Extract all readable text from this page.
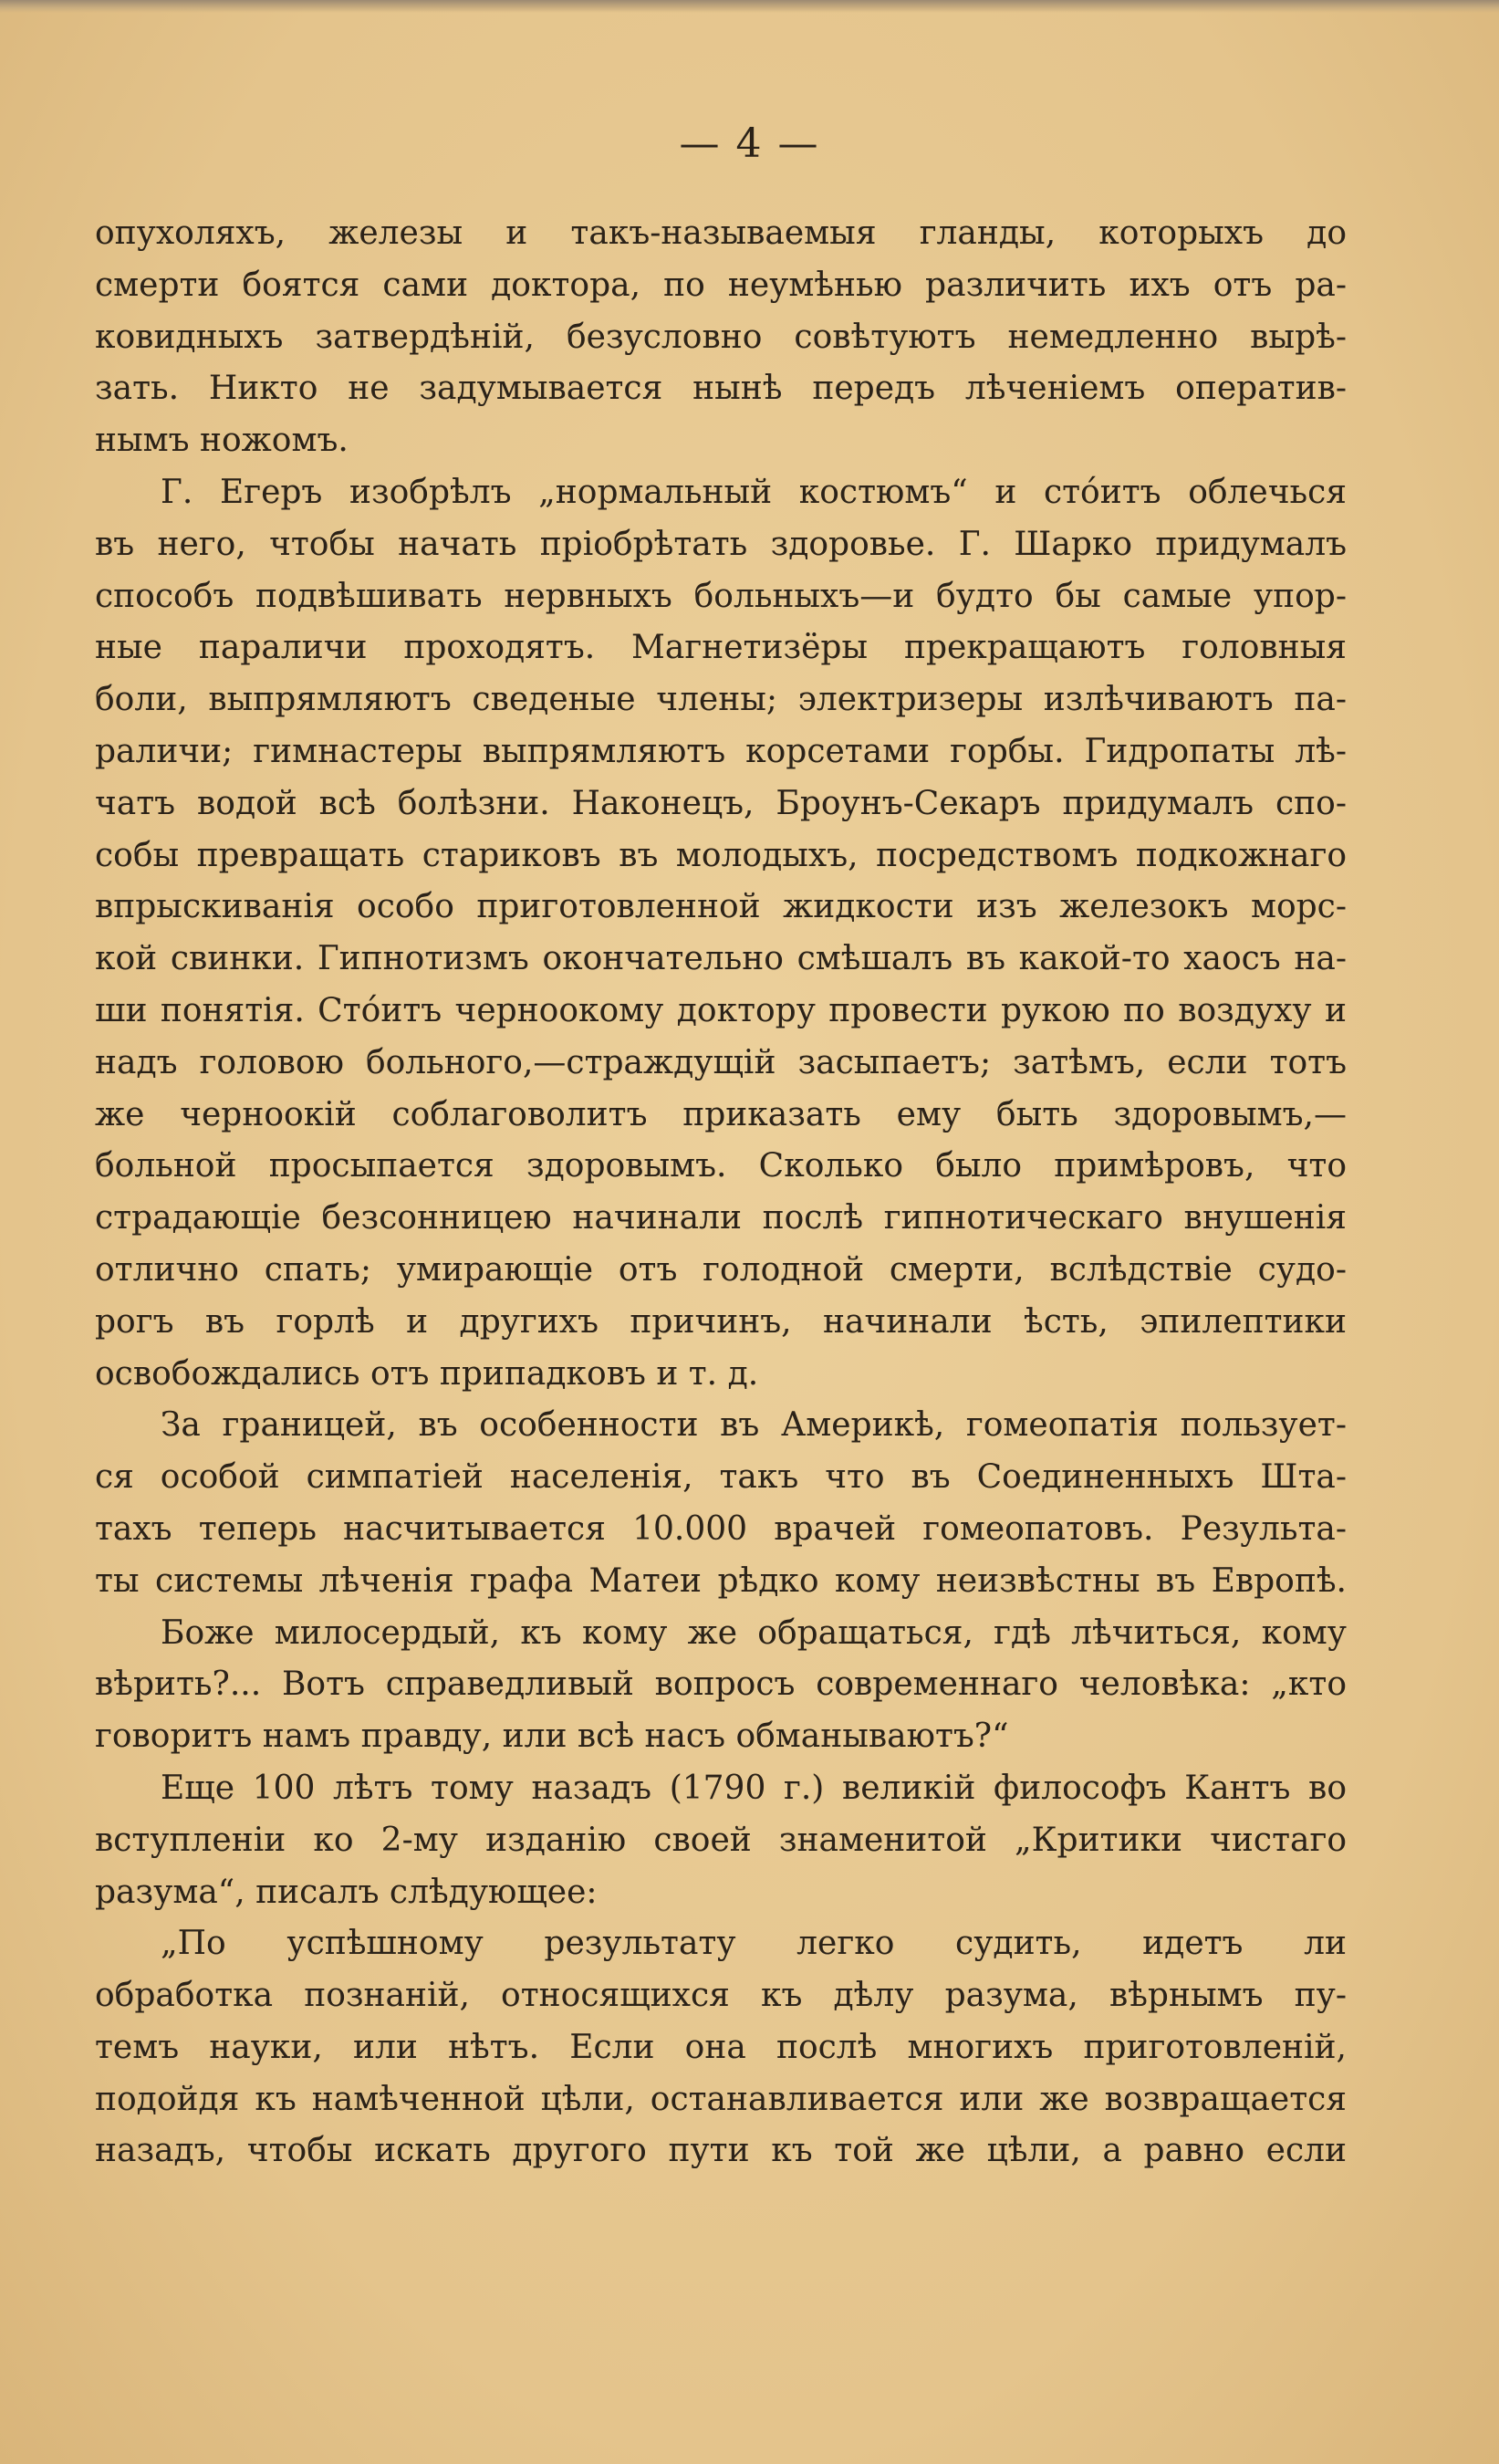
— 4 —

опухоляхъ, железы и такъ-называемыя гланды, которыхъ до

смерти боятся сами доктора, по неумѣнью различить ихъ отъ ра-

ковидныхъ затвердѣній, безусловно совѣтуютъ немедленно вырѣ-

зать. Никто не задумывается нынѣ передъ лѣченіемъ оператив-

нымъ ножомъ.

Г. Егеръ изобрѣлъ „нормальный костюмъ“ и стóитъ облечься

въ него, чтобы начать пріобрѣтать здоровье. Г. Шарко придумалъ

способъ подвѣшивать нервныхъ больныхъ—и будто бы самые упор-

ные параличи проходятъ. Магнетизёры прекращаютъ головныя

боли, выпрямляютъ сведеные члены; электризеры излѣчиваютъ па-

раличи; гимнастеры выпрямляютъ корсетами горбы. Гидропаты лѣ-

чатъ водой всѣ болѣзни. Наконецъ, Броунъ-Секаръ придумалъ спо-

собы превращать стариковъ въ молодыхъ, посредствомъ подкожнаго

впрыскиванія особо приготовленной жидкости изъ железокъ морс-

кой свинки. Гипнотизмъ окончательно смѣшалъ въ какой-то хаосъ на-

ши понятія. Стóитъ черноокому доктору провести рукою по воздуху и

надъ головою больного,—страждущій засыпаетъ; затѣмъ, если тотъ

же черноокій соблаговолитъ приказать ему быть здоровымъ,—

больной просыпается здоровымъ. Сколько было примѣровъ, что

страдающіе безсонницею начинали послѣ гипнотическаго внушенія

отлично спать; умирающіе отъ голодной смерти, вслѣдствіе судо-

рогъ въ горлѣ и другихъ причинъ, начинали ѣсть, эпилептики

освобождались отъ припадковъ и т. д.

За границей, въ особенности въ Америкѣ, гомеопатія пользует-

ся особой симпатіей населенія, такъ что въ Соединенныхъ Шта-

тахъ теперь насчитывается 10.000 врачей гомеопатовъ. Результа-

ты системы лѣченія графа Матеи рѣдко кому неизвѣстны въ Европѣ.

Боже милосердый, къ кому же обращаться, гдѣ лѣчиться, кому

вѣрить?... Вотъ справедливый вопросъ современнаго человѣка: „кто

говоритъ намъ правду, или всѣ насъ обманываютъ?“

Еще 100 лѣтъ тому назадъ (1790 г.) великій философъ Кантъ во

вступленіи ко 2-му изданію своей знаменитой „Критики чистаго

разума“, писалъ слѣдующее:

„По успѣшному результату легко судить, идетъ ли

обработка познаній, относящихся къ дѣлу разума, вѣрнымъ пу-

темъ науки, или нѣтъ. Если она послѣ многихъ приготовленій,

подойдя къ намѣченной цѣли, останавливается или же возвращается

назадъ, чтобы искать другого пути къ той же цѣли, а равно если
